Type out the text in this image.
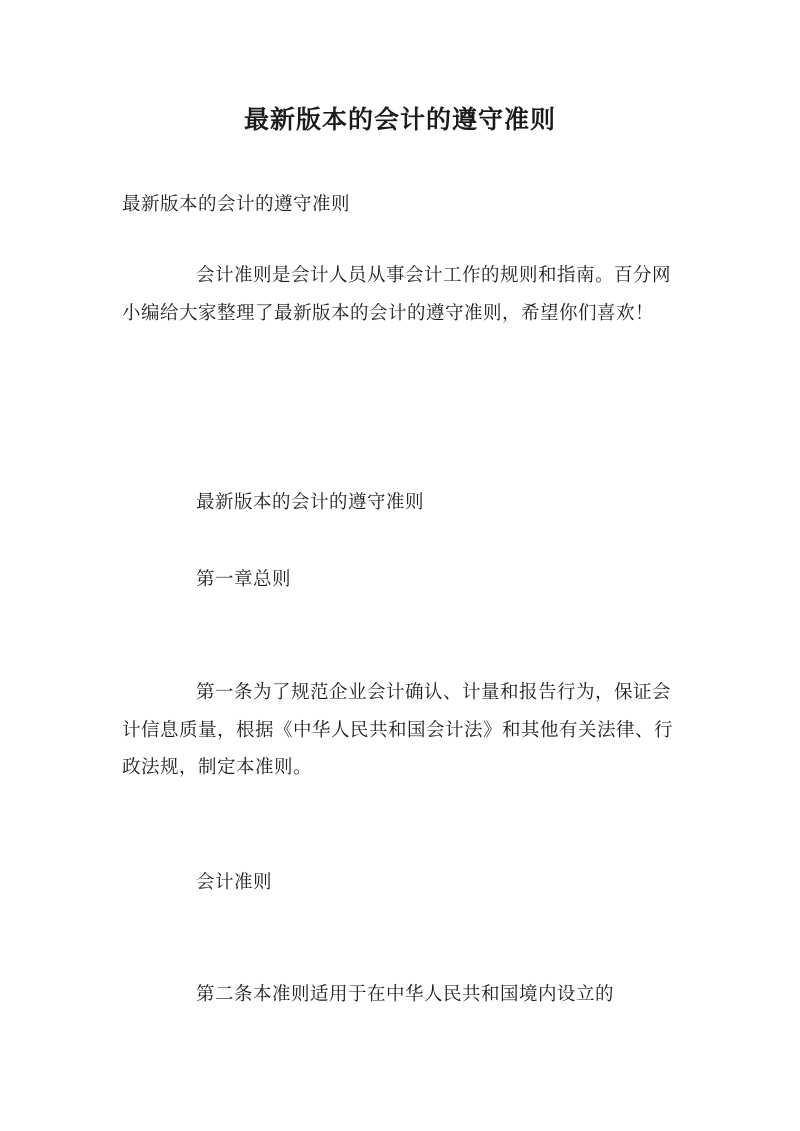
最新版本的会计的遵守准则

最新版本的会计的遵守准则

会计准则是会计人员从事会计工作的规则和指南。百分网小编给大家整理了最新版本的会计的遵守准则，希望你们喜欢！

最新版本的会计的遵守准则

第一章总则

第一条为了规范企业会计确认、计量和报告行为，保证会计信息质量，根据《中华人民共和国会计法》和其他有关法律、行政法规，制定本准则。

会计准则

第二条本准则适用于在中华人民共和国境内设立的
